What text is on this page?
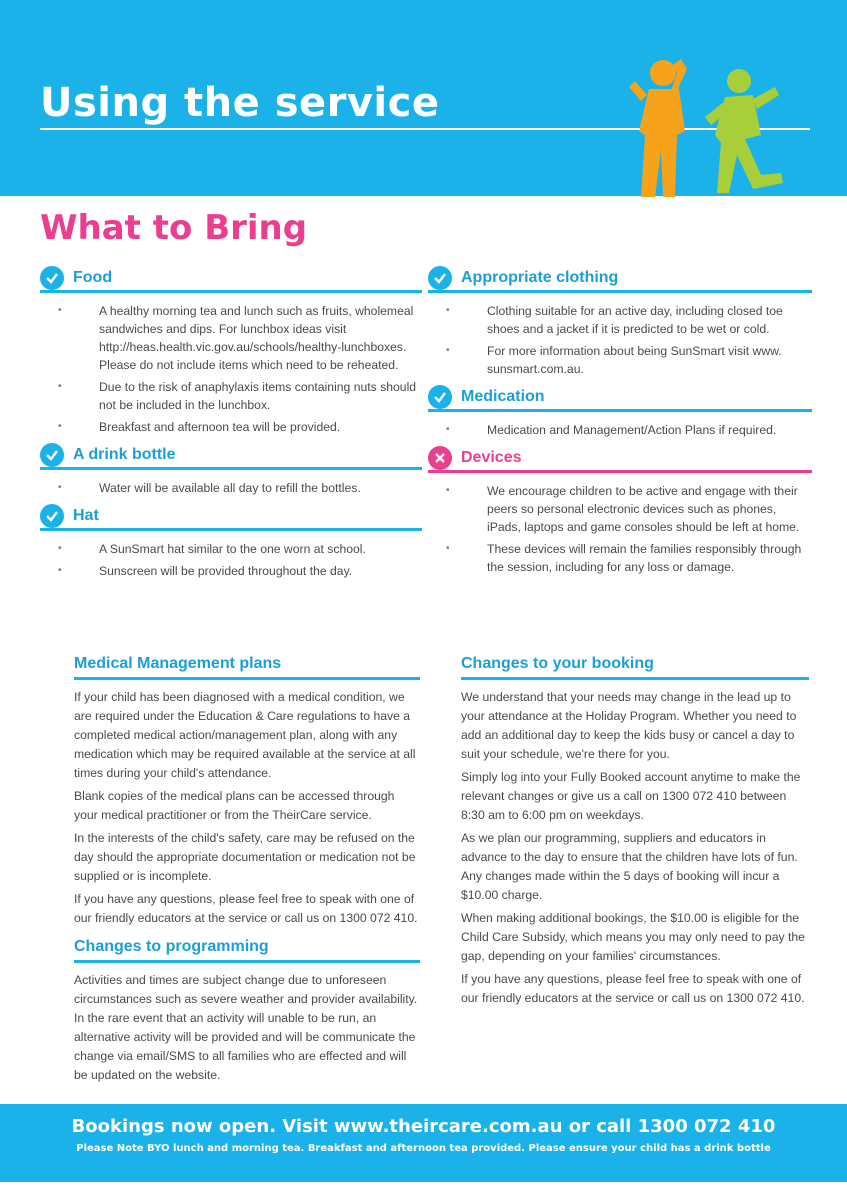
Using the service
What to Bring
Food
• A healthy morning tea and lunch such as fruits, wholemeal sandwiches and dips. For lunchbox ideas visit http://heas.health.vic.gov.au/schools/healthy-lunchboxes. Please do not include items which need to be reheated.
• Due to the risk of anaphylaxis items containing nuts should not be included in the lunchbox.
• Breakfast and afternoon tea will be provided.
A drink bottle
• Water will be available all day to refill the bottles.
Hat
• A SunSmart hat similar to the one worn at school.
• Sunscreen will be provided throughout the day.
Appropriate clothing
• Clothing suitable for an active day, including closed toe shoes and a jacket if it is predicted to be wet or cold.
• For more information about being SunSmart visit www. sunsmart.com.au.
Medication
• Medication and Management/Action Plans if required.
Devices
• We encourage children to be active and engage with their peers so personal electronic devices such as phones, iPads, laptops and game consoles should be left at home.
• These devices will remain the families responsibly through the session, including for any loss or damage.
Medical Management plans

If your child has been diagnosed with a medical condition, we are required under the Education & Care regulations to have a completed medical action/management plan, along with any medication which may be required available at the service at all times during your child's attendance.

Blank copies of the medical plans can be accessed through your medical practitioner or from the TheirCare service.

In the interests of the child's safety, care may be refused on the day should the appropriate documentation or medication not be supplied or is incomplete.

If you have any questions, please feel free to speak with one of our friendly educators at the service or call us on 1300 072 410.

Changes to programming

Activities and times are subject change due to unforeseen circumstances such as severe weather and provider availability. In the rare event that an activity will unable to be run, an alternative activity will be provided and will be communicate the change via email/SMS to all families who are effected and will be updated on the website.

Changes to your booking

We understand that your needs may change in the lead up to your attendance at the Holiday Program. Whether you need to add an additional day to keep the kids busy or cancel a day to suit your schedule, we're there for you.

Simply log into your Fully Booked account anytime to make the relevant changes or give us a call on 1300 072 410 between 8:30 am to 6:00 pm on weekdays.

As we plan our programming, suppliers and educators in advance to the day to ensure that the children have lots of fun. Any changes made within the 5 days of booking will incur a $10.00 charge.

When making additional bookings, the $10.00 is eligible for the Child Care Subsidy, which means you may only need to pay the gap, depending on your families' circumstances.

If you have any questions, please feel free to speak with one of our friendly educators at the service or call us on 1300 072 410.

Bookings now open. Visit www.theircare.com.au or call 1300 072 410
Please Note BYO lunch and morning tea. Breakfast and afternoon tea provided. Please ensure your child has a drink bottle
